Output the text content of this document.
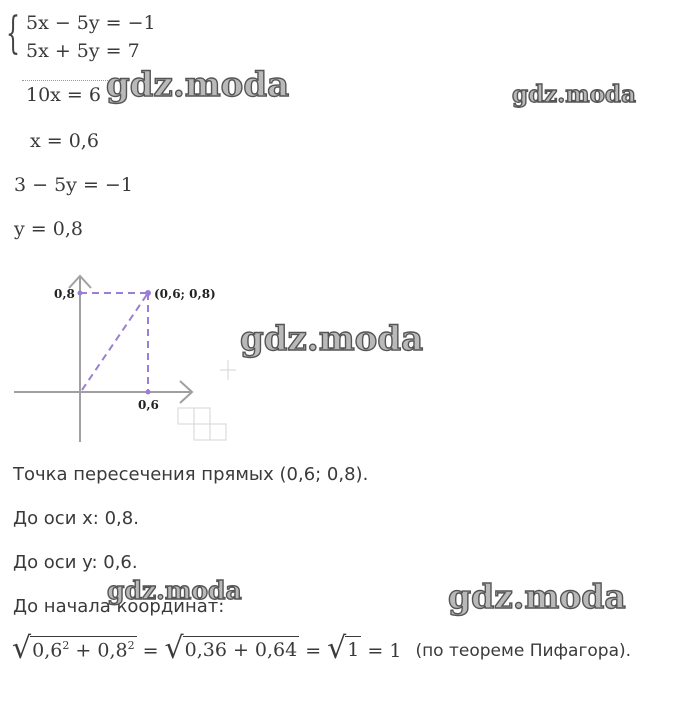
{ 5x − 5y = −1
5x + 5y = 7
10x = 6
x = 0,6
3 − 5y = −1
y = 0,8
0,8
0,6
(0,6; 0,8)
Точка пересечения прямых (0,6; 0,8).
До оси x: 0,8.
До оси y: 0,6.
До начала координат:
√ $0,6^2 + 0,8^2$ = √ 0,36 + 0,64 = √ 1 = 1 (по теореме Пифагора).
gdz.moda	gdz.moda
gdz.moda
gdz.moda	gdz.moda
